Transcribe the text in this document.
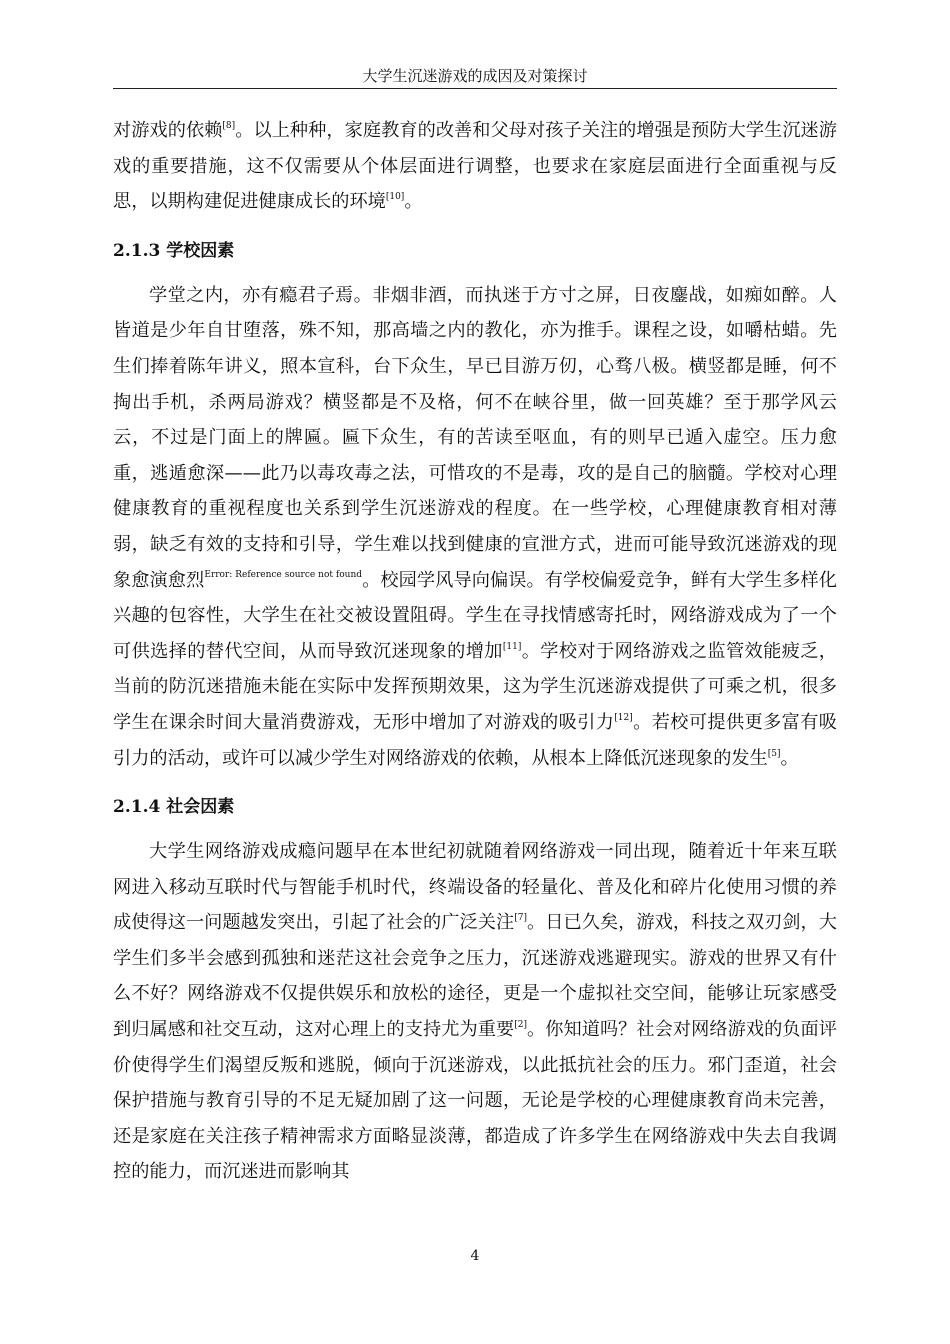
大学生沉迷游戏的成因及对策探讨

对游戏的依赖[8]。以上种种，家庭教育的改善和父母对孩子关注的增强是预防大学生沉迷游戏的重要措施，这不仅需要从个体层面进行调整，也要求在家庭层面进行全面重视与反思，以期构建促进健康成长的环境[10]。

2.1.3 学校因素

学堂之内，亦有瘾君子焉。非烟非酒，而执迷于方寸之屏，日夜鏖战，如痴如醉。人皆道是少年自甘堕落，殊不知，那高墙之内的教化，亦为推手。课程之设，如嚼枯蜡。先生们捧着陈年讲义，照本宣科，台下众生，早已目游万仞，心骛八极。横竖都是睡，何不掏出手机，杀两局游戏？横竖都是不及格，何不在峡谷里，做一回英雄？至于那学风云云，不过是门面上的牌匾。匾下众生，有的苦读至呕血，有的则早已遁入虚空。压力愈重，逃遁愈深——此乃以毒攻毒之法，可惜攻的不是毒，攻的是自己的脑髓。学校对心理健康教育的重视程度也关系到学生沉迷游戏的程度。在一些学校，心理健康教育相对薄弱，缺乏有效的支持和引导，学生难以找到健康的宣泄方式，进而可能导致沉迷游戏的现象愈演愈烈$^{Error: Reference source not found}$。校园学风导向偏误。有学校偏爱竞争，鲜有大学生多样化兴趣的包容性，大学生在社交被设置阻碍。学生在寻找情感寄托时，网络游戏成为了一个可供选择的替代空间，从而导致沉迷现象的增加[11]。学校对于网络游戏之监管效能疲乏，当前的防沉迷措施未能在实际中发挥预期效果，这为学生沉迷游戏提供了可乘之机，很多学生在课余时间大量消费游戏，无形中增加了对游戏的吸引力[12]。若校可提供更多富有吸引力的活动，或许可以减少学生对网络游戏的依赖，从根本上降低沉迷现象的发生[5]。

2.1.4 社会因素

大学生网络游戏成瘾问题早在本世纪初就随着网络游戏一同出现，随着近十年来互联网进入移动互联时代与智能手机时代，终端设备的轻量化、普及化和碎片化使用习惯的养成使得这一问题越发突出，引起了社会的广泛关注[7]。日已久矣，游戏，科技之双刃剑，大学生们多半会感到孤独和迷茫这社会竞争之压力，沉迷游戏逃避现实。游戏的世界又有什么不好？网络游戏不仅提供娱乐和放松的途径，更是一个虚拟社交空间，能够让玩家感受到归属感和社交互动，这对心理上的支持尤为重要[2]。你知道吗？社会对网络游戏的负面评价使得学生们渴望反叛和逃脱，倾向于沉迷游戏，以此抵抗社会的压力。邪门歪道，社会保护措施与教育引导的不足无疑加剧了这一问题，无论是学校的心理健康教育尚未完善，还是家庭在关注孩子精神需求方面略显淡薄，都造成了许多学生在网络游戏中失去自我调控的能力，而沉迷进而影响其

4
